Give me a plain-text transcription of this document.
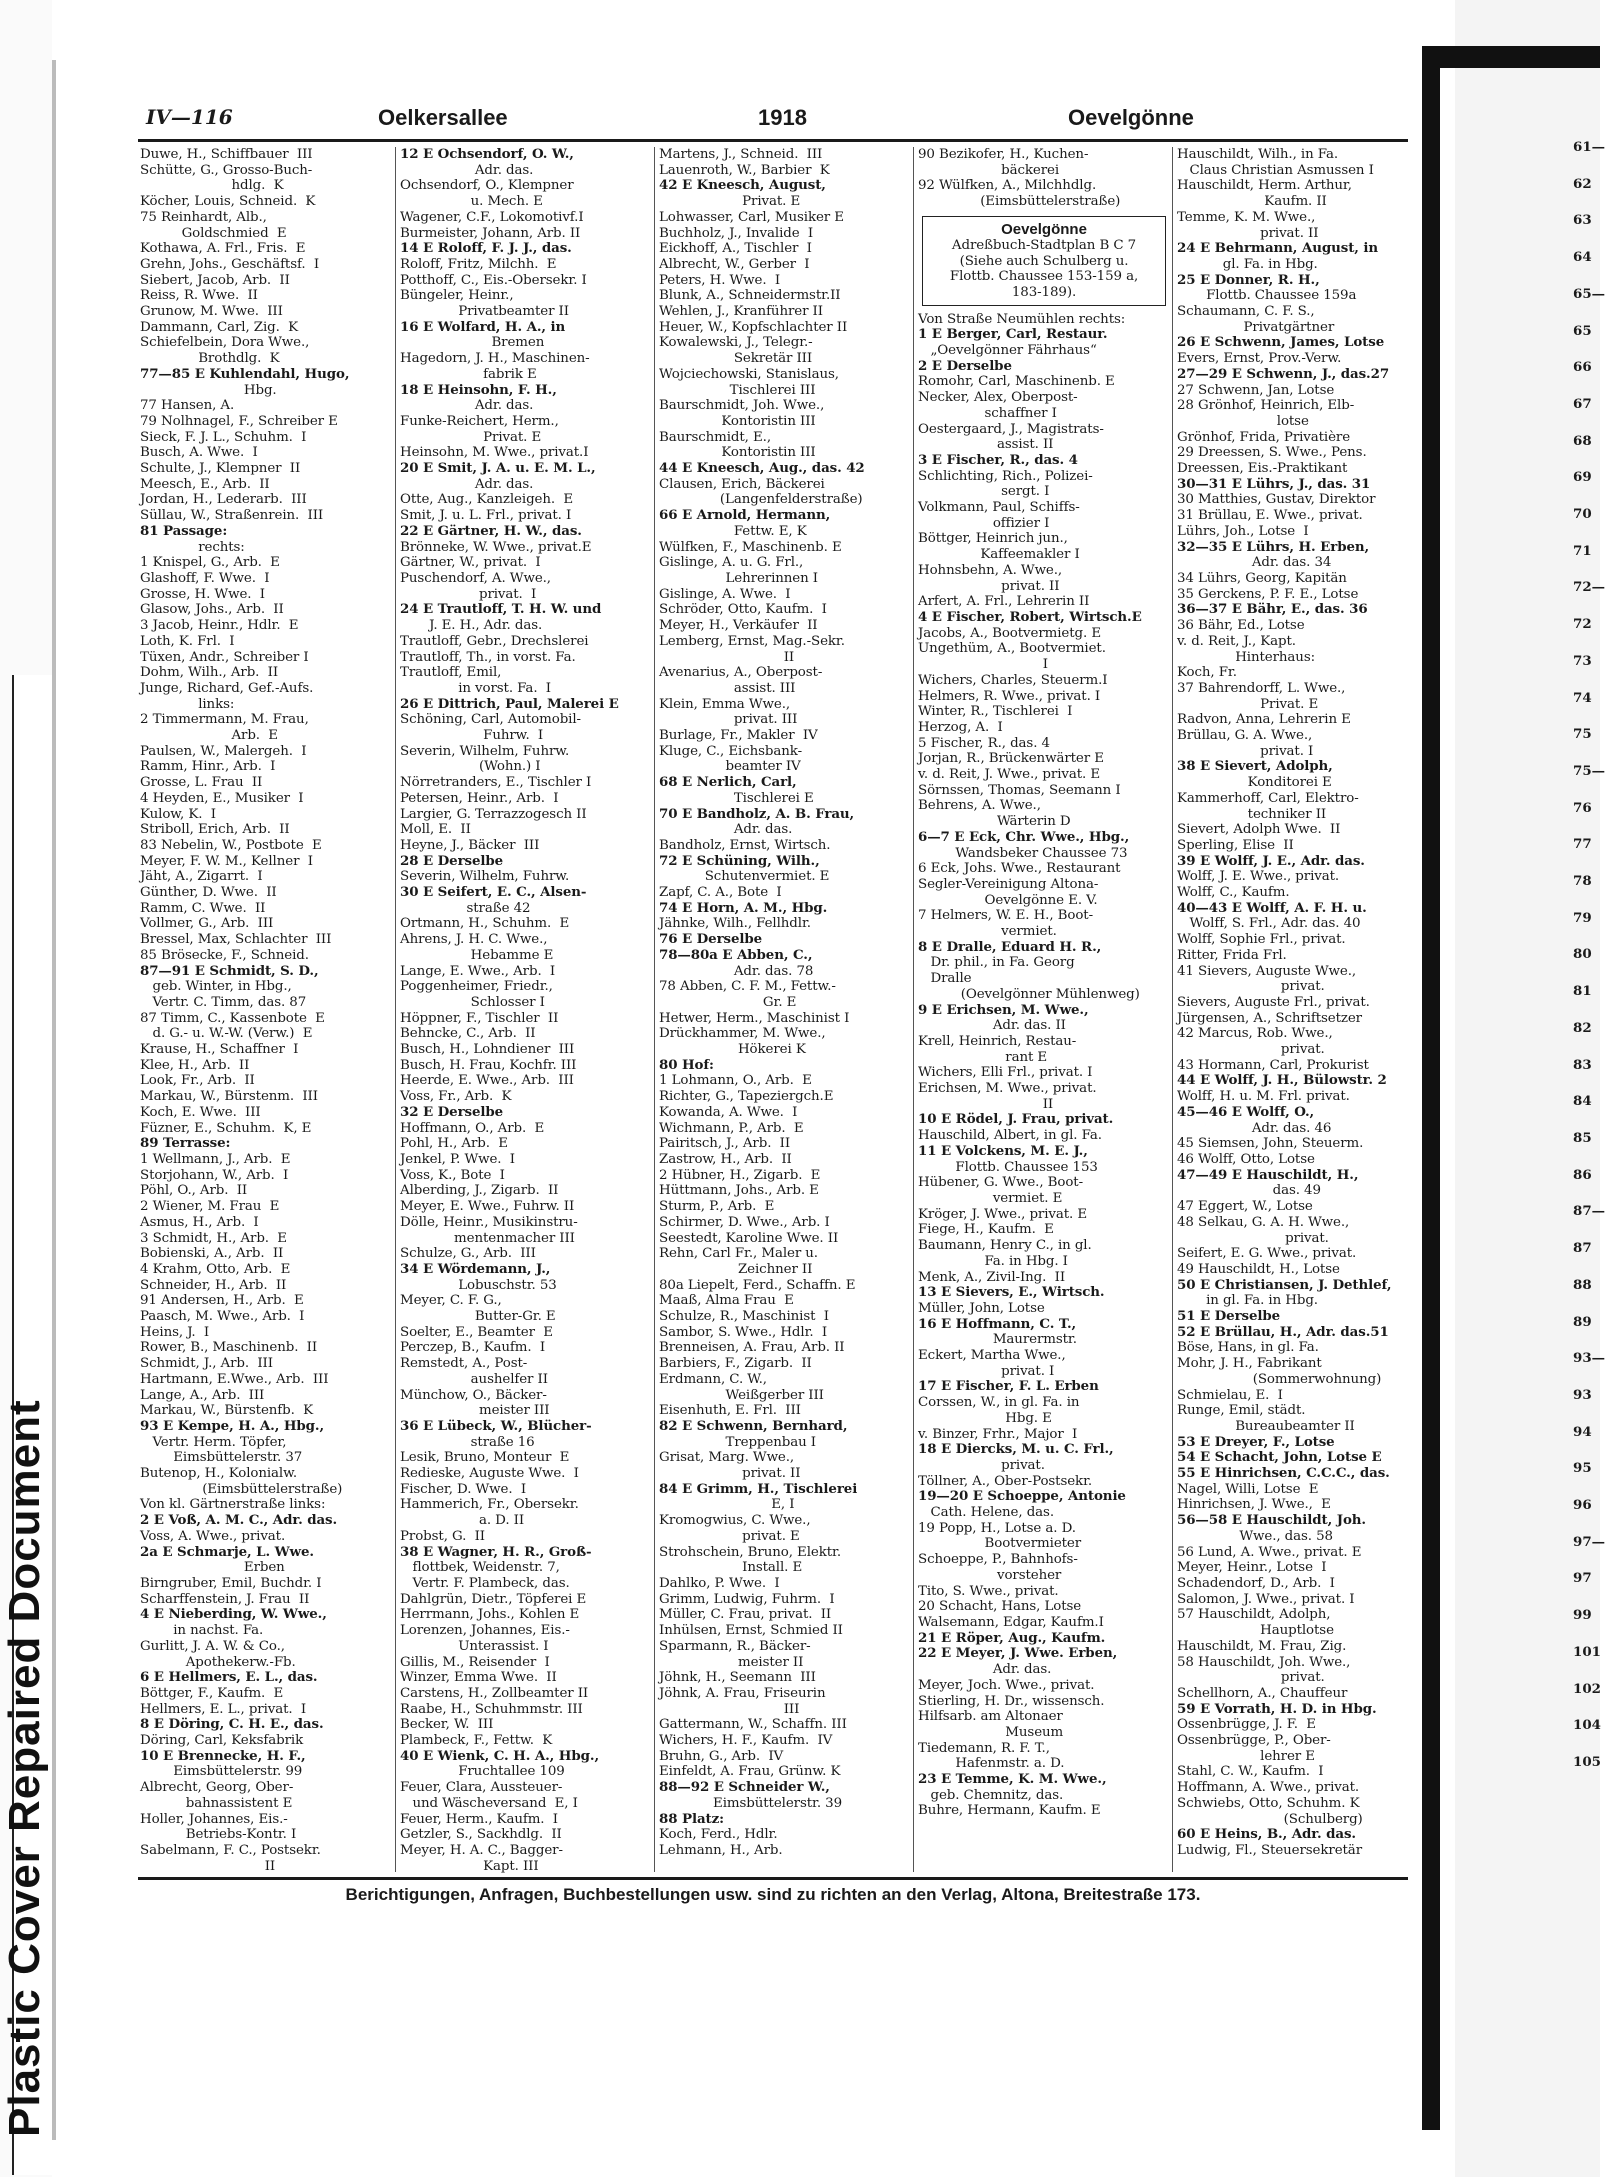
Plastic Cover Repaired Document
61—
62
63
64
65—
65
66
67
68
69
70
71
72—
72
73
74
75
75—
76
77
78
79
80
81
82
83
84
85
86
87—
87
88
89
93—
93
94
95
96
97—
97
99
101
102
104
105
IV—116	Oelkersallee	1918	Oevelgönne
Duwe, H., Schiffbauer  III
Schütte, G., Grosso-Buch-
hdlg.  K
Köcher, Louis, Schneid.  K
75 Reinhardt, Alb.,
Goldschmied  E
Kothawa, A. Frl., Fris.  E
Grehn, Johs., Geschäftsf.  I
Siebert, Jacob, Arb.  II
Reiss, R. Wwe.  II
Grunow, M. Wwe.  III
Dammann, Carl, Zig.  K
Schiefelbein, Dora Wwe.,
Brothdlg.  K
77—85 E Kuhlendahl, Hugo,
Hbg.
77 Hansen, A.
79 Nolhnagel, F., Schreiber E
Sieck, F. J. L., Schuhm.  I
Busch, A. Wwe.  I
Schulte, J., Klempner  II
Meesch, E., Arb.  II
Jordan, H., Lederarb.  III
Süllau, W., Straßenrein.  III
81 Passage:
rechts:
1 Knispel, G., Arb.  E
Glashoff, F. Wwe.  I
Grosse, H. Wwe.  I
Glasow, Johs., Arb.  II
3 Jacob, Heinr., Hdlr.  E
Loth, K. Frl.  I
Tüxen, Andr., Schreiber I
Dohm, Wilh., Arb.  II
Junge, Richard, Gef.-Aufs.
links:
2 Timmermann, M. Frau,
Arb.  E
Paulsen, W., Malergeh.  I
Ramm, Hinr., Arb.  I
Grosse, L. Frau  II
4 Heyden, E., Musiker  I
Kulow, K.  I
Striboll, Erich, Arb.  II
83 Nebelin, W., Postbote  E
Meyer, F. W. M., Kellner  I
Jäht, A., Zigarrt.  I
Günther, D. Wwe.  II
Ramm, C. Wwe.  II
Vollmer, G., Arb.  III
Bressel, Max, Schlachter  III
85 Brösecke, F., Schneid.
87—91 E Schmidt, S. D.,
geb. Winter, in Hbg.,
Vertr. C. Timm, das. 87
87 Timm, C., Kassenbote  E
d. G.- u. W.-W. (Verw.)  E
Krause, H., Schaffner  I
Klee, H., Arb.  II
Look, Fr., Arb.  II
Markau, W., Bürstenm.  III
Koch, E. Wwe.  III
Füzner, E., Schuhm.  K, E
89 Terrasse:
1 Wellmann, J., Arb.  E
Storjohann, W., Arb.  I
Pöhl, O., Arb.  II
2 Wiener, M. Frau  E
Asmus, H., Arb.  I
3 Schmidt, H., Arb.  E
Bobienski, A., Arb.  II
4 Krahm, Otto, Arb.  E
Schneider, H., Arb.  II
91 Andersen, H., Arb.  E
Paasch, M. Wwe., Arb.  I
Heins, J.  I
Rower, B., Maschinenb.  II
Schmidt, J., Arb.  III
Hartmann, E.Wwe., Arb.  III
Lange, A., Arb.  III
Markau, W., Bürstenfb.  K
93 E Kempe, H. A., Hbg.,
Vertr. Herm. Töpfer,
Eimsbüttelerstr. 37
Butenop, H., Kolonialw.
(Eimsbüttelerstraße)
Von kl. Gärtnerstraße links:
2 E Voß, A. M. C., Adr. das.
Voss, A. Wwe., privat.
2a E Schmarje, L. Wwe.
Erben
Birngruber, Emil, Buchdr. I
Scharffenstein, J. Frau  II
4 E Nieberding, W. Wwe.,
in nachst. Fa.
Gurlitt, J. A. W. & Co.,
Apothekerw.-Fb.
6 E Hellmers, E. L., das.
Böttger, F., Kaufm.  E
Hellmers, E. L., privat.  I
8 E Döring, C. H. E., das.
Döring, Carl, Keksfabrik
10 E Brennecke, H. F.,
Eimsbüttelerstr. 99
Albrecht, Georg, Ober-
bahnassistent E
Holler, Johannes, Eis.-
Betriebs-Kontr. I
Sabelmann, F. C., Postsekr.
II
12 E Ochsendorf, O. W.,
Adr. das.
Ochsendorf, O., Klempner
u. Mech. E
Wagener, C.F., Lokomotivf.I
Burmeister, Johann, Arb. II
14 E Roloff, F. J. J., das.
Roloff, Fritz, Milchh.  E
Potthoff, C., Eis.-Obersekr. I
Büngeler, Heinr.,
Privatbeamter II
16 E Wolfard, H. A., in
Bremen
Hagedorn, J. H., Maschinen-
fabrik E
18 E Heinsohn, F. H.,
Adr. das.
Funke-Reichert, Herm.,
Privat. E
Heinsohn, M. Wwe., privat.I
20 E Smit, J. A. u. E. M. L.,
Adr. das.
Otte, Aug., Kanzleigeh.  E
Smit, J. u. L. Frl., privat. I
22 E Gärtner, H. W., das.
Brönneke, W. Wwe., privat.E
Gärtner, W., privat.  I
Puschendorf, A. Wwe.,
privat.  I
24 E Trautloff, T. H. W. und
J. E. H., Adr. das.
Trautloff, Gebr., Drechslerei
Trautloff, Th., in vorst. Fa.
Trautloff, Emil,
in vorst. Fa.  I
26 E Dittrich, Paul, Malerei E
Schöning, Carl, Automobil-
Fuhrw.  I
Severin, Wilhelm, Fuhrw.
(Wohn.) I
Nörretranders, E., Tischler I
Petersen, Heinr., Arb.  I
Largier, G. Terrazzogesch II
Moll, E.  II
Heyne, J., Bäcker  III
28 E Derselbe
Severin, Wilhelm, Fuhrw.
30 E Seifert, E. C., Alsen-
straße 42
Ortmann, H., Schuhm.  E
Ahrens, J. H. C. Wwe.,
Hebamme E
Lange, E. Wwe., Arb.  I
Poggenheimer, Friedr.,
Schlosser I
Höppner, F., Tischler  II
Behncke, C., Arb.  II
Busch, H., Lohndiener  III
Busch, H. Frau, Kochfr. III
Heerde, E. Wwe., Arb.  III
Voss, Fr., Arb.  K
32 E Derselbe
Hoffmann, O., Arb.  E
Pohl, H., Arb.  E
Jenkel, P. Wwe.  I
Voss, K., Bote  I
Alberding, J., Zigarb.  II
Meyer, E. Wwe., Fuhrw. II
Dölle, Heinr., Musikinstru-
mentenmacher III
Schulze, G., Arb.  III
34 E Wördemann, J.,
Lobuschstr. 53
Meyer, C. F. G.,
Butter-Gr. E
Soelter, E., Beamter  E
Perczep, B., Kaufm.  I
Remstedt, A., Post-
aushelfer II
Münchow, O., Bäcker-
meister III
36 E Lübeck, W., Blücher-
straße 16
Lesik, Bruno, Monteur  E
Redieske, Auguste Wwe.  I
Fischer, D. Wwe.  I
Hammerich, Fr., Obersekr.
a. D. II
Probst, G.  II
38 E Wagner, H. R., Groß-
flottbek, Weidenstr. 7,
Vertr. F. Plambeck, das.
Dahlgrün, Dietr., Töpferei E
Herrmann, Johs., Kohlen E
Lorenzen, Johannes, Eis.-
Unterassist. I
Gillis, M., Reisender  I
Winzer, Emma Wwe.  II
Carstens, H., Zollbeamter II
Raabe, H., Schuhmmstr. III
Becker, W.  III
Plambeck, F., Fettw.  K
40 E Wienk, C. H. A., Hbg.,
Fruchtallee 109
Feuer, Clara, Aussteuer-
und Wäscheversand  E, I
Feuer, Herm., Kaufm.  I
Getzler, S., Sackhdlg.  II
Meyer, H. A. C., Bagger-
Kapt. III
Martens, J., Schneid.  III
Lauenroth, W., Barbier  K
42 E Kneesch, August,
Privat. E
Lohwasser, Carl, Musiker E
Buchholz, J., Invalide  I
Eickhoff, A., Tischler  I
Albrecht, W., Gerber  I
Peters, H. Wwe.  I
Blunk, A., Schneidermstr.II
Wehlen, J., Kranführer II
Heuer, W., Kopfschlachter II
Kowalewski, J., Telegr.-
Sekretär III
Wojciechowski, Stanislaus,
Tischlerei III
Baurschmidt, Joh. Wwe.,
Kontoristin III
Baurschmidt, E.,
Kontoristin III
44 E Kneesch, Aug., das. 42
Clausen, Erich, Bäckerei
(Langenfelderstraße)
66 E Arnold, Hermann,
Fettw. E, K
Wülfken, F., Maschinenb. E
Gislinge, A. u. G. Frl.,
Lehrerinnen I
Gislinge, A. Wwe.  I
Schröder, Otto, Kaufm.  I
Meyer, H., Verkäufer  II
Lemberg, Ernst, Mag.-Sekr.
II
Avenarius, A., Oberpost-
assist. III
Klein, Emma Wwe.,
privat. III
Burlage, Fr., Makler  IV
Kluge, C., Eichsbank-
beamter IV
68 E Nerlich, Carl,
Tischlerei E
70 E Bandholz, A. B. Frau,
Adr. das.
Bandholz, Ernst, Wirtsch.
72 E Schüning, Wilh.,
Schutenvermiet. E
Zapf, C. A., Bote  I
74 E Horn, A. M., Hbg.
Jähnke, Wilh., Fellhdlr.
76 E Derselbe
78—80a E Abben, C.,
Adr. das. 78
78 Abben, C. F. M., Fettw.-
Gr. E
Hetwer, Herm., Maschinist I
Drückhammer, M. Wwe.,
Hökerei K
80 Hof:
1 Lohmann, O., Arb.  E
Richter, G., Tapeziergch.E
Kowanda, A. Wwe.  I
Wichmann, P., Arb.  E
Pairitsch, J., Arb.  II
Zastrow, H., Arb.  II
2 Hübner, H., Zigarb.  E
Hüttmann, Johs., Arb. E
Sturm, P., Arb.  E
Schirmer, D. Wwe., Arb. I
Seestedt, Karoline Wwe. II
Rehn, Carl Fr., Maler u.
Zeichner II
80a Liepelt, Ferd., Schaffn. E
Maaß, Alma Frau  E
Schulze, R., Maschinist  I
Sambor, S. Wwe., Hdlr.  I
Brenneisen, A. Frau, Arb. II
Barbiers, F., Zigarb.  II
Erdmann, C. W.,
Weißgerber III
Eisenhuth, E. Frl.  III
82 E Schwenn, Bernhard,
Treppenbau I
Grisat, Marg. Wwe.,
privat. II
84 E Grimm, H., Tischlerei
E, I
Kromogwius, C. Wwe.,
privat. E
Strohschein, Bruno, Elektr.
Install. E
Dahlko, P. Wwe.  I
Grimm, Ludwig, Fuhrm.  I
Müller, C. Frau, privat.  II
Inhülsen, Ernst, Schmied II
Sparmann, R., Bäcker-
meister II
Jöhnk, H., Seemann  III
Jöhnk, A. Frau, Friseurin
III
Gattermann, W., Schaffn. III
Wichers, H. F., Kaufm.  IV
Bruhn, G., Arb.  IV
Einfeldt, A. Frau, Grünw. K
88—92 E Schneider W.,
Eimsbüttelerstr. 39
88 Platz:
Koch, Ferd., Hdlr.
Lehmann, H., Arb.
90 Bezikofer, H., Kuchen-
bäckerei
92 Wülfken, A., Milchhdlg.
(Eimsbüttelerstraße)
Oevelgönne
Adreßbuch-Stadtplan B C 7
(Siehe auch Schulberg u.
Flottb. Chaussee 153-159 a,
183-189).
Von Straße Neumühlen rechts:
1 E Berger, Carl, Restaur.
„Oevelgönner Fährhaus“
2 E Derselbe
Romohr, Carl, Maschinenb. E
Necker, Alex, Oberpost-
schaffner I
Oestergaard, J., Magistrats-
assist. II
3 E Fischer, R., das. 4
Schlichting, Rich., Polizei-
sergt. I
Volkmann, Paul, Schiffs-
offizier I
Böttger, Heinrich jun.,
Kaffeemakler I
Hohnsbehn, A. Wwe.,
privat. II
Arfert, A. Frl., Lehrerin II
4 E Fischer, Robert, Wirtsch.E
Jacobs, A., Bootvermietg. E
Ungethüm, A., Bootvermiet.
I
Wichers, Charles, Steuerm.I
Helmers, R. Wwe., privat. I
Winter, R., Tischlerei  I
Herzog, A.  I
5 Fischer, R., das. 4
Jorjan, R., Brückenwärter E
v. d. Reit, J. Wwe., privat. E
Sörnssen, Thomas, Seemann I
Behrens, A. Wwe.,
Wärterin D
6—7 E Eck, Chr. Wwe., Hbg.,
Wandsbeker Chaussee 73
6 Eck, Johs. Wwe., Restaurant
Segler-Vereinigung Altona-
Oevelgönne E. V.
7 Helmers, W. E. H., Boot-
vermiet.
8 E Dralle, Eduard H. R.,
Dr. phil., in Fa. Georg
Dralle
(Oevelgönner Mühlenweg)
9 E Erichsen, M. Wwe.,
Adr. das. II
Krell, Heinrich, Restau-
rant E
Wichers, Elli Frl., privat. I
Erichsen, M. Wwe., privat.
II
10 E Rödel, J. Frau, privat.
Hauschild, Albert, in gl. Fa.
11 E Volckens, M. E. J.,
Flottb. Chaussee 153
Hübener, G. Wwe., Boot-
vermiet. E
Kröger, J. Wwe., privat. E
Fiege, H., Kaufm.  E
Baumann, Henry C., in gl.
Fa. in Hbg. I
Menk, A., Zivil-Ing.  II
13 E Sievers, E., Wirtsch.
Müller, John, Lotse
16 E Hoffmann, C. T.,
Maurermstr.
Eckert, Martha Wwe.,
privat. I
17 E Fischer, F. L. Erben
Corssen, W., in gl. Fa. in
Hbg. E
v. Binzer, Frhr., Major  I
18 E Diercks, M. u. C. Frl.,
privat.
Töllner, A., Ober-Postsekr.
19—20 E Schoeppe, Antonie
Cath. Helene, das.
19 Popp, H., Lotse a. D.
Bootvermieter
Schoeppe, P., Bahnhofs-
vorsteher
Tito, S. Wwe., privat.
20 Schacht, Hans, Lotse
Walsemann, Edgar, Kaufm.I
21 E Röper, Aug., Kaufm.
22 E Meyer, J. Wwe. Erben,
Adr. das.
Meyer, Joch. Wwe., privat.
Stierling, H. Dr., wissensch.
Hilfsarb. am Altonaer
Museum
Tiedemann, R. F. T.,
Hafenmstr. a. D.
23 E Temme, K. M. Wwe.,
geb. Chemnitz, das.
Buhre, Hermann, Kaufm. E
Hauschildt, Wilh., in Fa.
Claus Christian Asmussen I
Hauschildt, Herm. Arthur,
Kaufm. II
Temme, K. M. Wwe.,
privat. II
24 E Behrmann, August, in
gl. Fa. in Hbg.
25 E Donner, R. H.,
Flottb. Chaussee 159a
Schaumann, C. F. S.,
Privatgärtner
26 E Schwenn, James, Lotse
Evers, Ernst, Prov.-Verw.
27—29 E Schwenn, J., das.27
27 Schwenn, Jan, Lotse
28 Grönhof, Heinrich, Elb-
lotse
Grönhof, Frida, Privatière
29 Dreessen, S. Wwe., Pens.
Dreessen, Eis.-Praktikant
30—31 E Lührs, J., das. 31
30 Matthies, Gustav, Direktor
31 Brüllau, E. Wwe., privat.
Lührs, Joh., Lotse  I
32—35 E Lührs, H. Erben,
Adr. das. 34
34 Lührs, Georg, Kapitän
35 Gerckens, P. F. E., Lotse
36—37 E Bähr, E., das. 36
36 Bähr, Ed., Lotse
v. d. Reit, J., Kapt.
Hinterhaus:
Koch, Fr.
37 Bahrendorff, L. Wwe.,
Privat. E
Radvon, Anna, Lehrerin E
Brüllau, G. A. Wwe.,
privat. I
38 E Sievert, Adolph,
Konditorei E
Kammerhoff, Carl, Elektro-
techniker II
Sievert, Adolph Wwe.  II
Sperling, Elise  II
39 E Wolff, J. E., Adr. das.
Wolff, J. E. Wwe., privat.
Wolff, C., Kaufm.
40—43 E Wolff, A. F. H. u.
Wolff, S. Frl., Adr. das. 40
Wolff, Sophie Frl., privat.
Ritter, Frida Frl.
41 Sievers, Auguste Wwe.,
privat.
Sievers, Auguste Frl., privat.
Jürgensen, A., Schriftsetzer
42 Marcus, Rob. Wwe.,
privat.
43 Hormann, Carl, Prokurist
44 E Wolff, J. H., Bülowstr. 2
Wolff, H. u. M. Frl. privat.
45—46 E Wolff, O.,
Adr. das. 46
45 Siemsen, John, Steuerm.
46 Wolff, Otto, Lotse
47—49 E Hauschildt, H.,
das. 49
47 Eggert, W., Lotse
48 Selkau, G. A. H. Wwe.,
privat.
Seifert, E. G. Wwe., privat.
49 Hauschildt, H., Lotse
50 E Christiansen, J. Dethlef,
in gl. Fa. in Hbg.
51 E Derselbe
52 E Brüllau, H., Adr. das.51
Böse, Hans, in gl. Fa.
Mohr, J. H., Fabrikant
(Sommerwohnung)
Schmielau, E.  I
Runge, Emil, städt.
Bureaubeamter II
53 E Dreyer, F., Lotse
54 E Schacht, John, Lotse E
55 E Hinrichsen, C.C.C., das.
Nagel, Willi, Lotse  E
Hinrichsen, J. Wwe.,  E
56—58 E Hauschildt, Joh.
Wwe., das. 58
56 Lund, A. Wwe., privat. E
Meyer, Heinr., Lotse  I
Schadendorf, D., Arb.  I
Salomon, J. Wwe., privat. I
57 Hauschildt, Adolph,
Hauptlotse
Hauschildt, M. Frau, Zig.
58 Hauschildt, Joh. Wwe.,
privat.
Schellhorn, A., Chauffeur
59 E Vorrath, H. D. in Hbg.
Ossenbrügge, J. F.  E
Ossenbrügge, P., Ober-
lehrer E
Stahl, C. W., Kaufm.  I
Hoffmann, A. Wwe., privat.
Schwiebs, Otto, Schuhm. K
(Schulberg)
60 E Heins, B., Adr. das.
Ludwig, Fl., Steuersekretär
Berichtigungen, Anfragen, Buchbestellungen usw. sind zu richten an den Verlag, Altona, Breitestraße 173.
